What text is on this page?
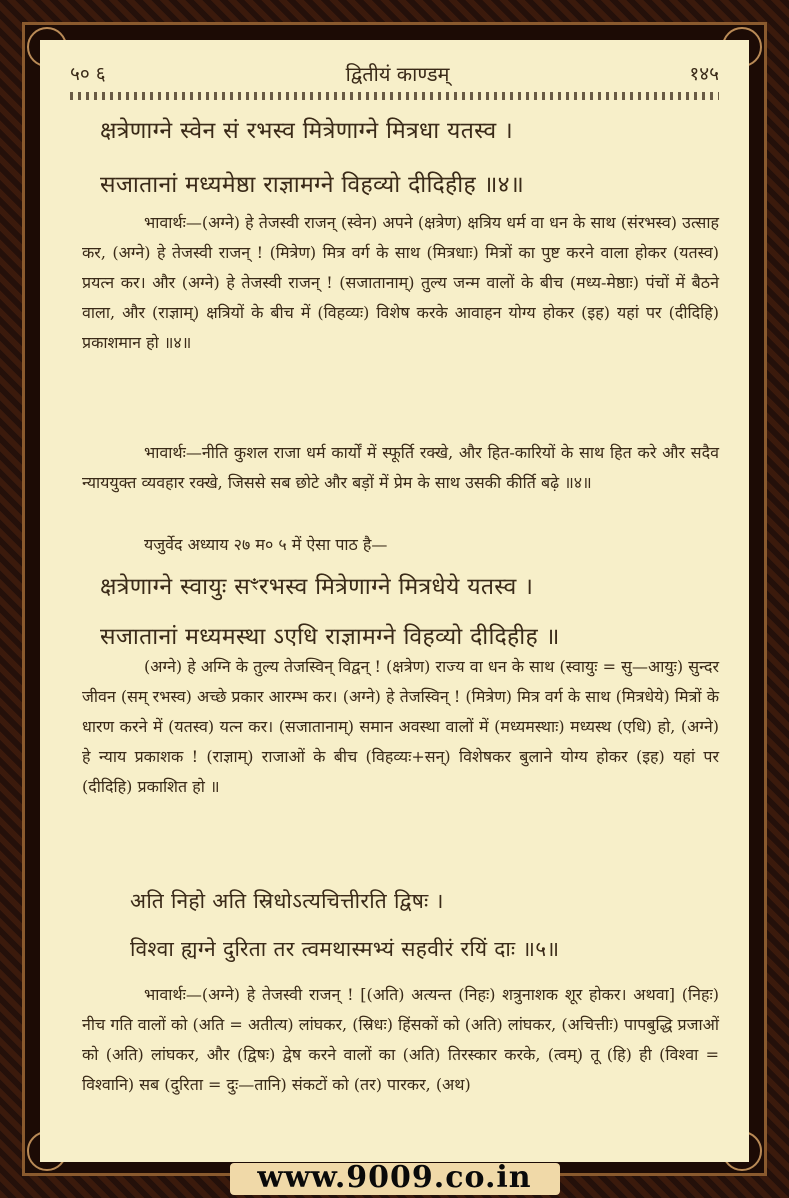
५० ६	द्वितीयं काण्डम्	१४५
क्षत्रेणाग्ने स्वेन सं रभस्व मित्रेणाग्ने मित्रधा यतस्व ।
सजातानां मध्यमेष्ठा राज्ञामग्ने विहव्यो दीदिहीह ॥४॥
भावार्थः—(अग्ने) हे तेजस्वी राजन् (स्वेन) अपने (क्षत्रेण) क्षत्रिय धर्म वा धन के साथ (संरभस्व) उत्साह कर, (अग्ने) हे तेजस्वी राजन् ! (मित्रेण) मित्र वर्ग के साथ (मित्रधाः) मित्रों का पुष्ट करने वाला होकर (यतस्व) प्रयत्न कर। और (अग्ने) हे तेजस्वी राजन् ! (सजातानाम्) तुल्य जन्म वालों के बीच (मध्य-मेष्ठाः) पंचों में बैठने वाला, और (राज्ञाम्) क्षत्रियों के बीच में (विहव्यः) विशेष करके आवाहन योग्य होकर (इह) यहां पर (दीदिहि) प्रकाशमान हो ॥४॥
भावार्थः—नीति कुशल राजा धर्म कार्यों में स्फूर्ति रक्खे, और हित-कारियों के साथ हित करे और सदैव न्याययुक्त व्यवहार रक्खे, जिससे सब छोटे और बड़ों में प्रेम के साथ उसकी कीर्ति बढ़े ॥४॥
यजुर्वेद अध्याय २७ म० ५ में ऐसा पाठ है—
क्षत्रेणाग्ने स्वायुः सꣳरभस्व मित्रेणाग्ने मित्रधेये यतस्व ।
सजातानां मध्यमस्था ऽएधि राज्ञामग्ने विहव्यो दीदिहीह ॥
(अग्ने) हे अग्नि के तुल्य तेजस्विन् विद्वन् ! (क्षत्रेण) राज्य वा धन के साथ (स्वायुः = सु—आयुः) सुन्दर जीवन (सम् रभस्व) अच्छे प्रकार आरम्भ कर। (अग्ने) हे तेजस्विन् ! (मित्रेण) मित्र वर्ग के साथ (मित्रधेये) मित्रों के धारण करने में (यतस्व) यत्न कर। (सजातानाम्) समान अवस्था वालों में (मध्यमस्थाः) मध्यस्थ (एधि) हो, (अग्ने) हे न्याय प्रकाशक ! (राज्ञाम्) राजाओं के बीच (विहव्यः+सन्) विशेषकर बुलाने योग्य होकर (इह) यहां पर (दीदिहि) प्रकाशित हो ॥
अति निहो अति स्रिधोऽत्यचित्तीरति द्विषः ।
विश्वा ह्यग्ने दुरिता तर त्वमथास्मभ्यं सहवीरं रयिं दाः ॥५॥
भावार्थः—(अग्ने) हे तेजस्वी राजन् ! [(अति) अत्यन्त (निहः) शत्रुनाशक शूर होकर। अथवा] (निहः) नीच गति वालों को (अति = अतीत्य) लांघकर, (स्रिधः) हिंसकों को (अति) लांघकर, (अचित्तीः) पापबुद्धि प्रजाओं को (अति) लांघकर, और (द्विषः) द्वेष करने वालों का (अति) तिरस्कार करके, (त्वम्) तू (हि) ही (विश्वा = विश्वानि) सब (दुरिता = दुः—तानि) संकटों को (तर) पारकर, (अथ)
www.9009.co.in
